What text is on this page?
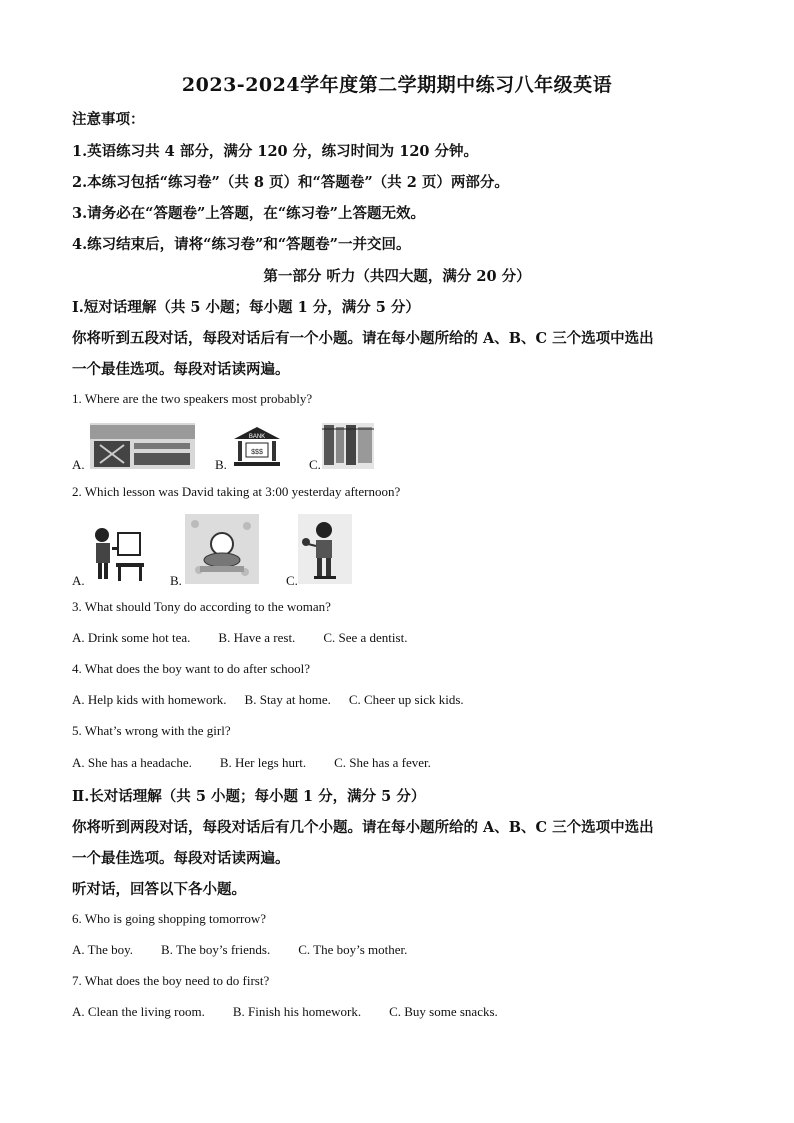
2023-2024学年度第二学期期中练习八年级英语
注意事项：
1.英语练习共 4 部分，满分 120 分，练习时间为 120 分钟。
2.本练习包括“练习卷”（共 8 页）和“答题卷”（共 2 页）两部分。
3.请务必在“答题卷”上答题，在“练习卷”上答题无效。
4.练习结束后，请将“练习卷”和“答题卷”一并交回。
第一部分 听力（共四大题，满分 20 分）
Ⅰ.短对话理解（共 5 小题；每小题 1 分，满分 5 分）
你将听到五段对话，每段对话后有一个小题。请在每小题所给的 A、B、C 三个选项中选出
一个最佳选项。每段对话读两遍。
1. Where are the two speakers most probably?
A.	B.
BANK
$$$
C.
2. Which lesson was David taking at 3:00 yesterday afternoon?
A.	B.	C.
3. What should Tony do according to the woman?
A. Drink some hot tea. B. Have a rest. C. See a dentist.
4. What does the boy want to do after school?
A. Help kids with homework. B. Stay at home. C. Cheer up sick kids.
5. What’s wrong with the girl?
A. She has a headache. B. Her legs hurt. C. She has a fever.
Ⅱ.长对话理解（共 5 小题；每小题 1 分，满分 5 分）
你将听到两段对话，每段对话后有几个小题。请在每小题所给的 A、B、C 三个选项中选出
一个最佳选项。每段对话读两遍。
听对话，回答以下各小题。
6. Who is going shopping tomorrow?
A. The boy. B. The boy’s friends. C. The boy’s mother.
7. What does the boy need to do first?
A. Clean the living room. B. Finish his homework. C. Buy some snacks.
